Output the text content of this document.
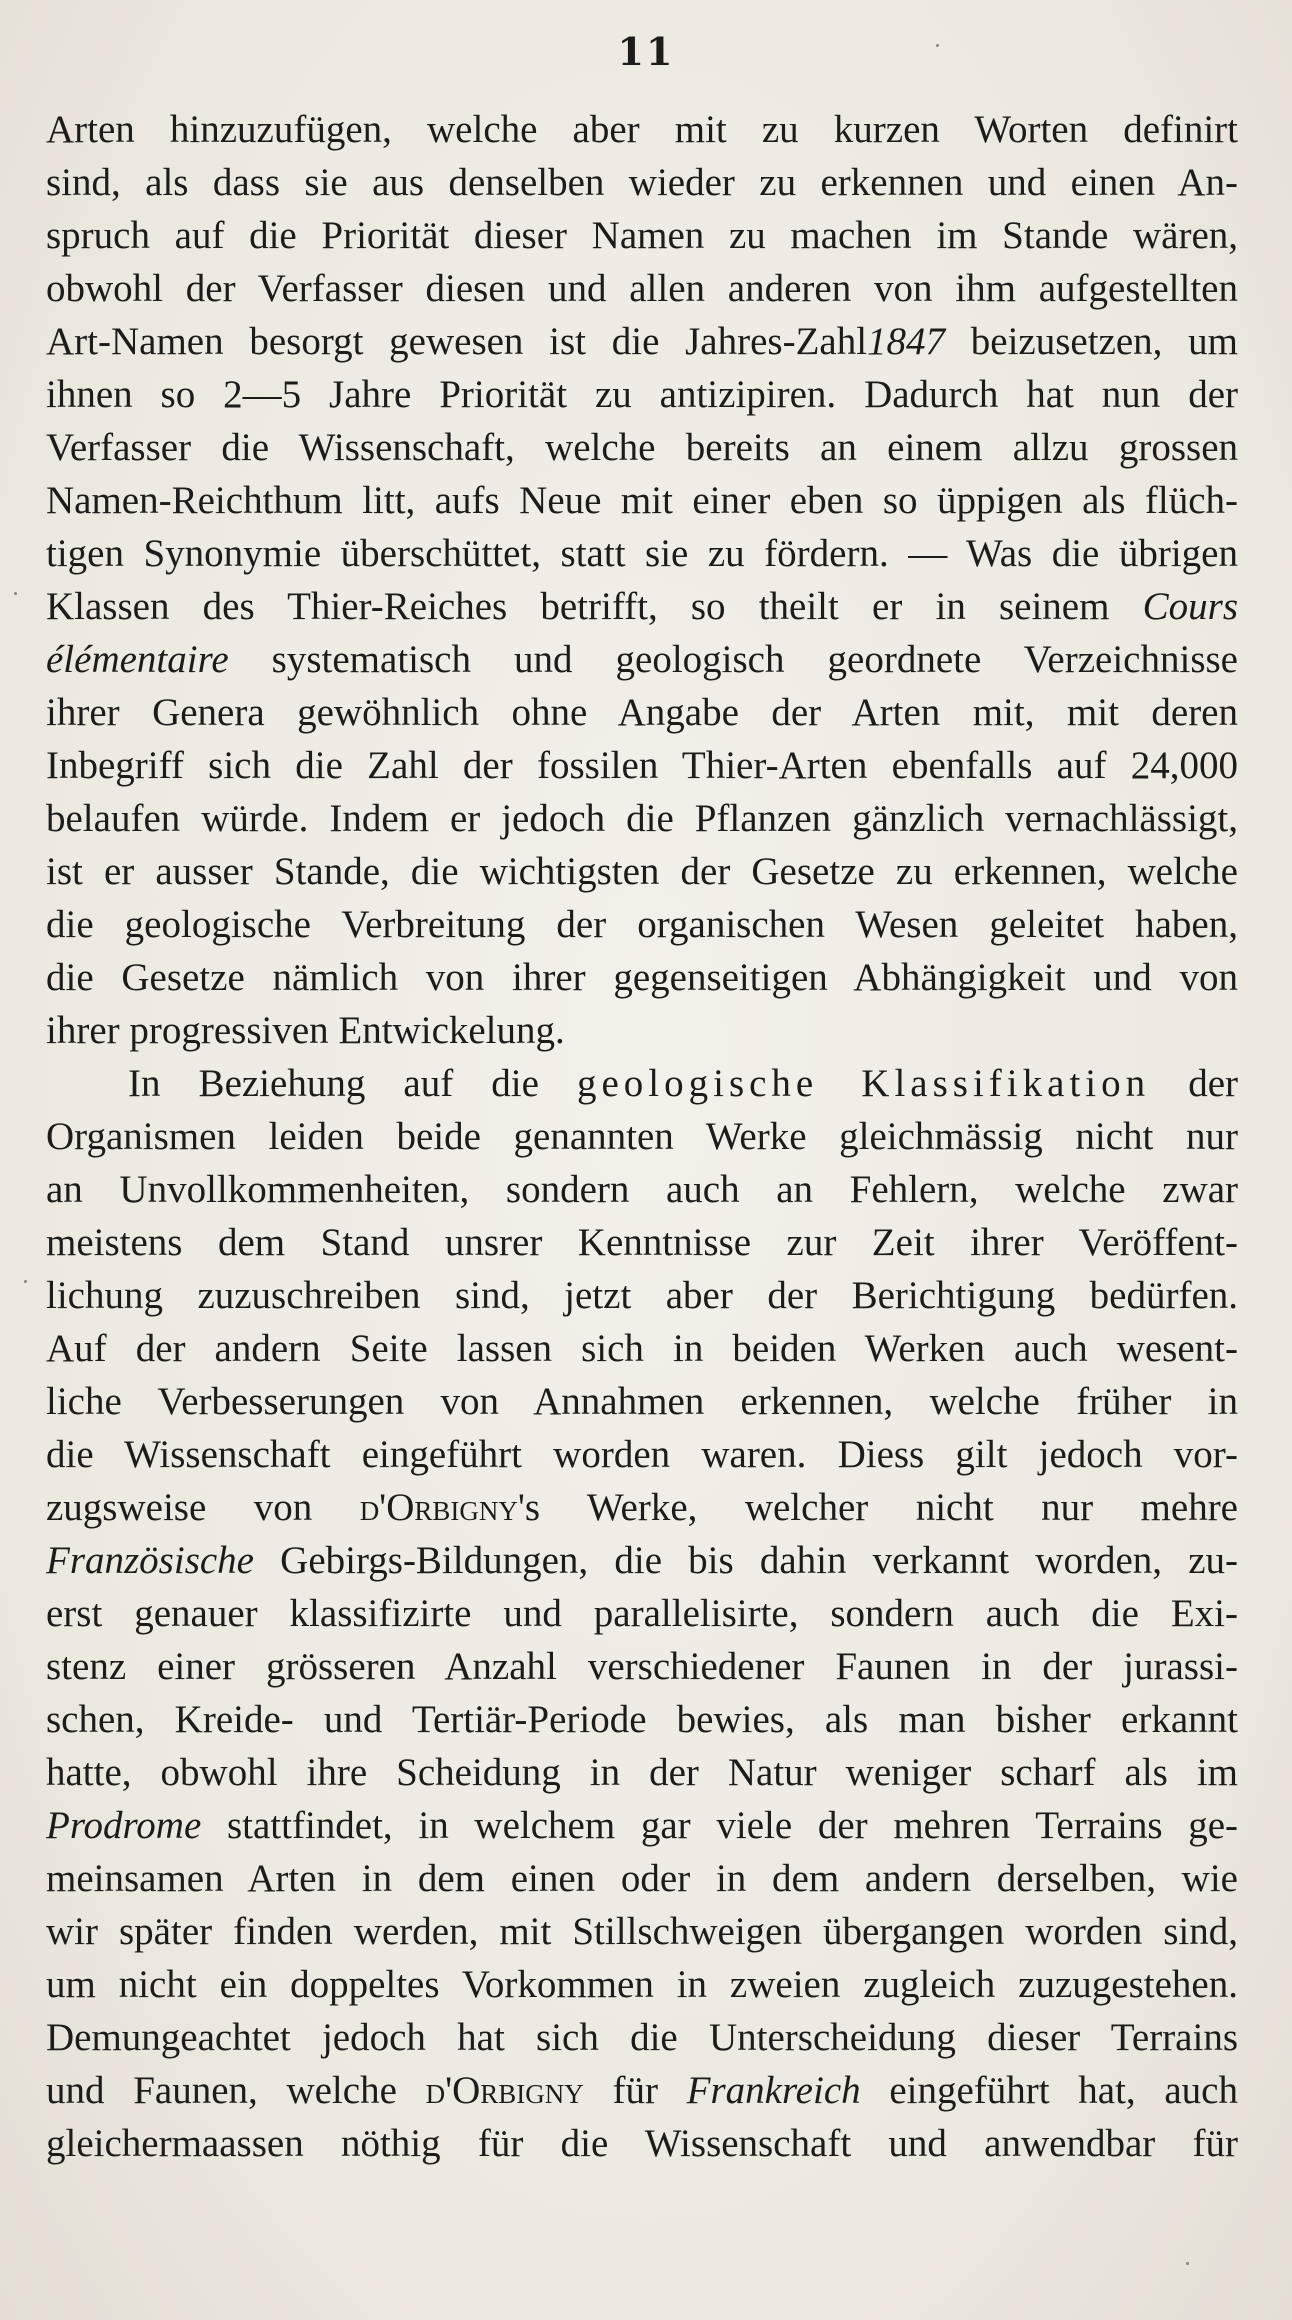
11
Arten hinzuzufügen, welche aber mit zu kurzen Worten definirt
sind, als dass sie aus denselben wieder zu erkennen und einen An-
spruch auf die Priorität dieser Namen zu machen im Stande wären,
obwohl der Verfasser diesen und allen anderen von ihm aufgestellten
Art-Namen besorgt gewesen ist die Jahres-Zahl1847 beizusetzen, um
ihnen so 2—5 Jahre Priorität zu antizipiren. Dadurch hat nun der
Verfasser die Wissenschaft, welche bereits an einem allzu grossen
Namen-Reichthum litt, aufs Neue mit einer eben so üppigen als flüch-
tigen Synonymie überschüttet, statt sie zu fördern. — Was die übrigen
Klassen des Thier-Reiches betrifft, so theilt er in seinem Cours
élémentaire systematisch und geologisch geordnete Verzeichnisse
ihrer Genera gewöhnlich ohne Angabe der Arten mit, mit deren
Inbegriff sich die Zahl der fossilen Thier-Arten ebenfalls auf 24,000
belaufen würde. Indem er jedoch die Pflanzen gänzlich vernachlässigt,
ist er ausser Stande, die wichtigsten der Gesetze zu erkennen, welche
die geologische Verbreitung der organischen Wesen geleitet haben,
die Gesetze nämlich von ihrer gegenseitigen Abhängigkeit und von
ihrer progressiven Entwickelung.
In Beziehung auf die geologische Klassifikation der
Organismen leiden beide genannten Werke gleichmässig nicht nur
an Unvollkommenheiten, sondern auch an Fehlern, welche zwar
meistens dem Stand unsrer Kenntnisse zur Zeit ihrer Veröffent-
lichung zuzuschreiben sind, jetzt aber der Berichtigung bedürfen.
Auf der andern Seite lassen sich in beiden Werken auch wesent-
liche Verbesserungen von Annahmen erkennen, welche früher in
die Wissenschaft eingeführt worden waren. Diess gilt jedoch vor-
zugsweise von d'Orbigny's Werke, welcher nicht nur mehre
Französische Gebirgs-Bildungen, die bis dahin verkannt worden, zu-
erst genauer klassifizirte und parallelisirte, sondern auch die Exi-
stenz einer grösseren Anzahl verschiedener Faunen in der jurassi-
schen, Kreide- und Tertiär-Periode bewies, als man bisher erkannt
hatte, obwohl ihre Scheidung in der Natur weniger scharf als im
Prodrome stattfindet, in welchem gar viele der mehren Terrains ge-
meinsamen Arten in dem einen oder in dem andern derselben, wie
wir später finden werden, mit Stillschweigen übergangen worden sind,
um nicht ein doppeltes Vorkommen in zweien zugleich zuzugestehen.
Demungeachtet jedoch hat sich die Unterscheidung dieser Terrains
und Faunen, welche d'Orbigny für Frankreich eingeführt hat, auch
gleichermaassen nöthig für die Wissenschaft und anwendbar für
